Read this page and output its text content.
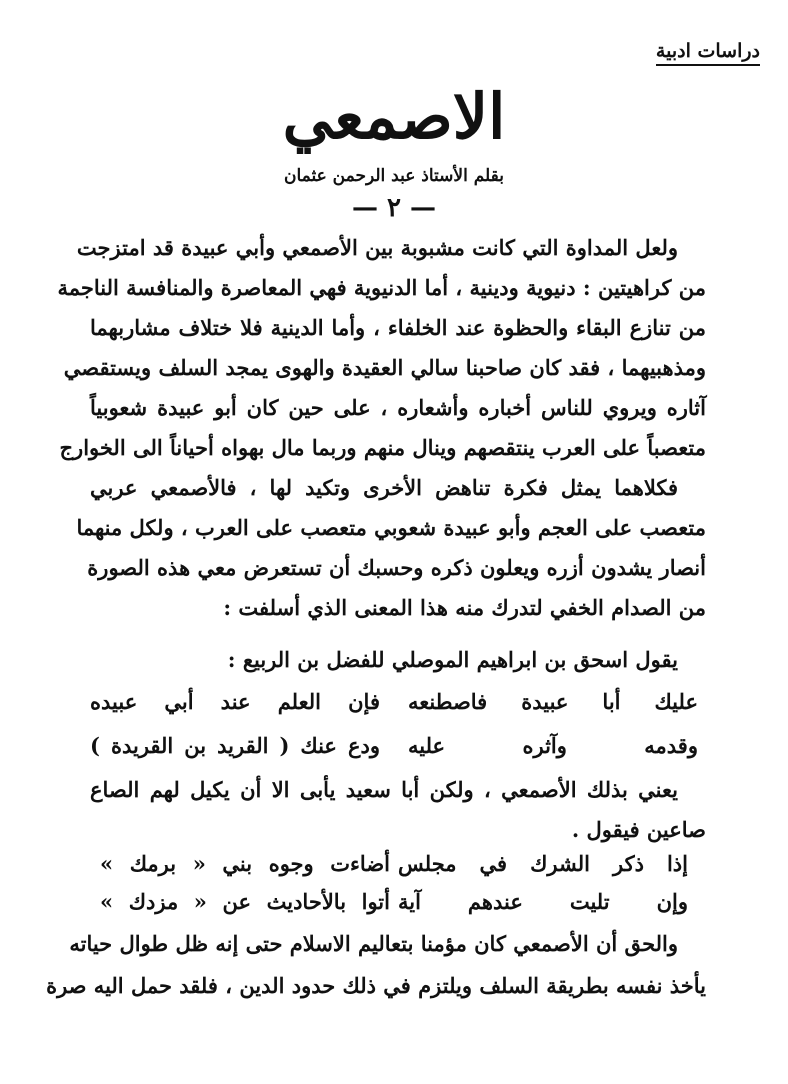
دراسات ادبية
الاصمعي
بقلم الأستاذ عبد الرحمن عثمان
— ٢ —
ولعل المداوة التي كانت مشبوبة بين الأصمعي وأبي عبيدة قد امتزجت
من كراهيتين : دنيوية ودينية ، أما الدنيوية فهي المعاصرة والمنافسة الناجمة
من تنازع البقاء والحظوة عند الخلفاء ، وأما الدينية فلا ختلاف مشاربهما
ومذهبيهما ، فقد كان صاحبنا سالي العقيدة والهوى يمجد السلف ويستقصي
آثاره ويروي للناس أخباره وأشعاره ، على حين كان أبو عبيدة شعوبياً
متعصباً على العرب ينتقصهم وينال منهم وربما مال بهواه أحياناً الى الخوارج
فكلاهما يمثل فكرة تناهض الأخرى وتكيد لها ، فالأصمعي عربي
متعصب على العجم وأبو عبيدة شعوبي متعصب على العرب ، ولكل منهما
أنصار يشدون أزره ويعلون ذكره وحسبك أن تستعرض معي هذه الصورة
من الصدام الخفي لتدرك منه هذا المعنى الذي أسلفت :
يقول اسحق بن ابراهيم الموصلي للفضل بن الربيع :
عليك أبا عبيدة فاصطنعه
فإن العلم عند أبي عبيده
وقدمه وآثره عليه
ودع عنك ( القريد بن القريدة )
يعني بذلك الأصمعي ، ولكن أبا سعيد يأبى الا أن يكيل لهم الصاع
صاعين فيقول .
إذا ذكر الشرك في مجلس
أضاءت وجوه بني « برمك »
وإن تليت عندهم آية
أتوا بالأحاديث عن « مزدك »
والحق أن الأصمعي كان مؤمنا بتعاليم الاسلام حتى إنه ظل طوال حياته
يأخذ نفسه بطريقة السلف ويلتزم في ذلك حدود الدين ، فلقد حمل اليه صرة
